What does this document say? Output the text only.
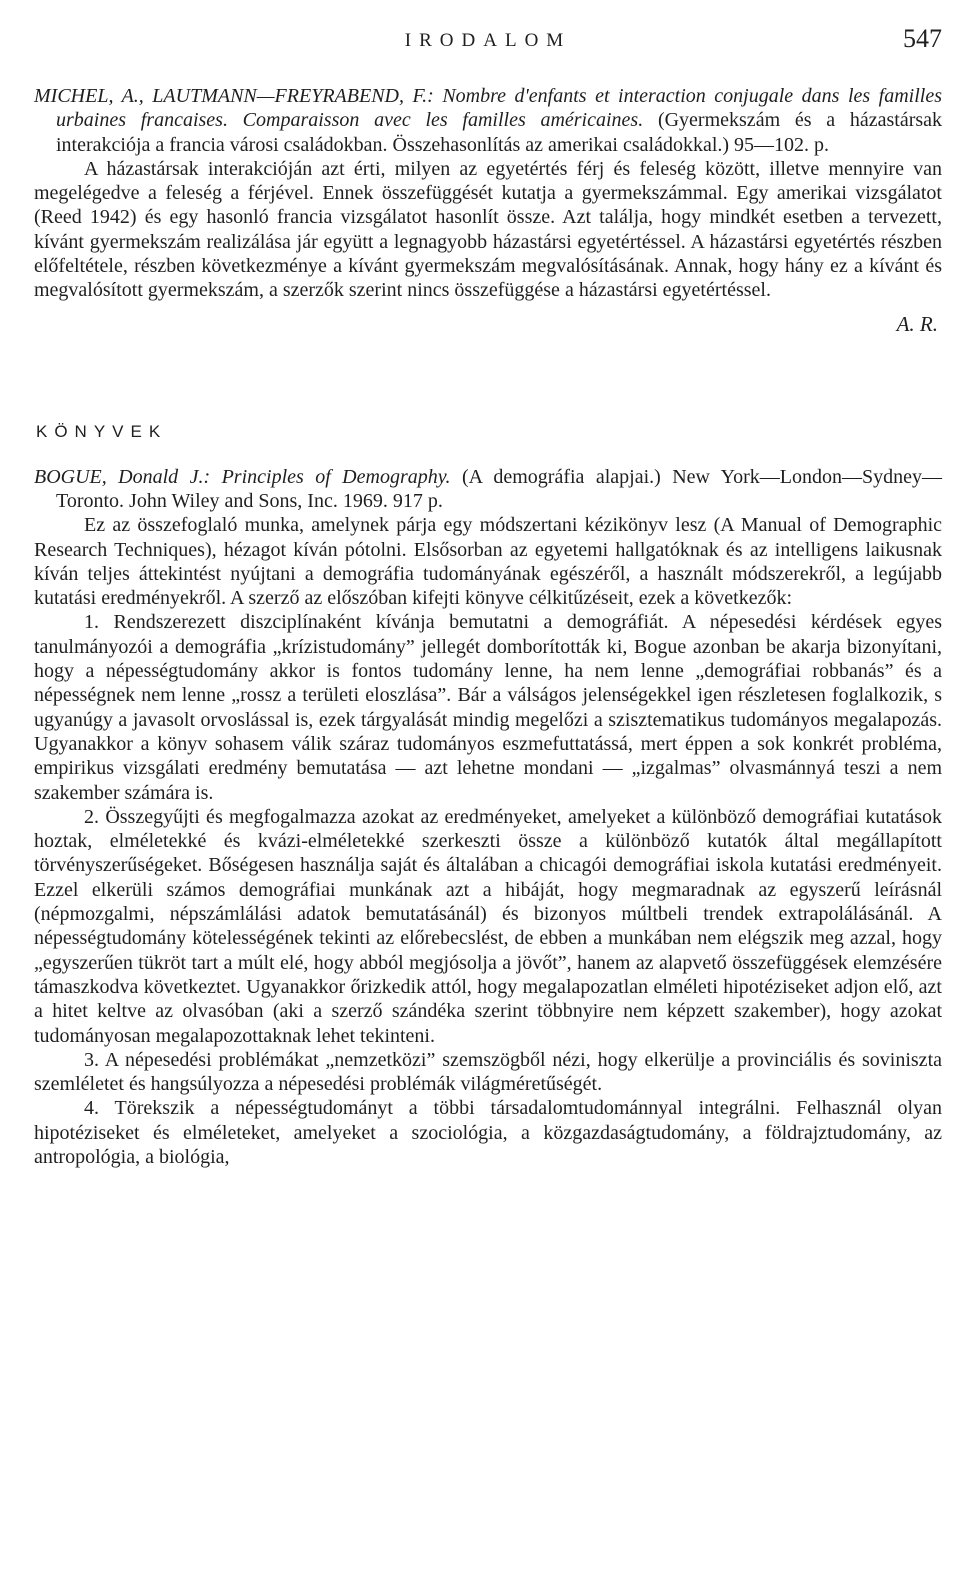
IRODALOM	547

MICHEL, A., LAUTMANN—FREYRABEND, F.: Nombre d'enfants et interaction conjugale dans les familles urbaines francaises. Comparaisson avec les familles américaines. (Gyermekszám és a házastársak interakciója a francia városi családokban. Összehasonlítás az amerikai családokkal.) 95—102. p.

A házastársak interakcióján azt érti, milyen az egyetértés férj és feleség között, illetve mennyire van megelégedve a feleség a férjével. Ennek összefüggését kutatja a gyermekszámmal. Egy amerikai vizsgálatot (Reed 1942) és egy hasonló francia vizsgálatot hasonlít össze. Azt találja, hogy mindkét esetben a tervezett, kívánt gyermekszám realizálása jár együtt a legnagyobb házastársi egyetértéssel. A házastársi egyetértés részben előfeltétele, részben következménye a kívánt gyermekszám megvalósításának. Annak, hogy hány ez a kívánt és megvalósított gyermekszám, a szerzők szerint nincs összefüggése a házastársi egyetértéssel.

A. R.
KÖNYVEK

BOGUE, Donald J.: Principles of Demography. (A demográfia alapjai.) New York—London—Sydney—Toronto. John Wiley and Sons, Inc. 1969. 917 p.

Ez az összefoglaló munka, amelynek párja egy módszertani kézikönyv lesz (A Manual of Demographic Research Techniques), hézagot kíván pótolni. Elsősorban az egyetemi hallgatóknak és az intelligens laikusnak kíván teljes áttekintést nyújtani a demográfia tudományának egészéről, a használt módszerekről, a legújabb kutatási eredményekről. A szerző az előszóban kifejti könyve célkitűzéseit, ezek a következők:

1. Rendszerezett diszciplínaként kívánja bemutatni a demográfiát. A népesedési kérdések egyes tanulmányozói a demográfia „krízistudomány” jellegét domborították ki, Bogue azonban be akarja bizonyítani, hogy a népességtudomány akkor is fontos tudomány lenne, ha nem lenne „demográfiai robbanás” és a népességnek nem lenne „rossz a területi eloszlása”. Bár a válságos jelenségekkel igen részletesen foglalkozik, s ugyanúgy a javasolt orvoslással is, ezek tárgyalását mindig megelőzi a szisztematikus tudományos megalapozás. Ugyanakkor a könyv sohasem válik száraz tudományos eszmefuttatássá, mert éppen a sok konkrét probléma, empirikus vizsgálati eredmény bemutatása — azt lehetne mondani — „izgalmas” olvasmánnyá teszi a nem szakember számára is.

2. Összegyűjti és megfogalmazza azokat az eredményeket, amelyeket a különböző demográfiai kutatások hoztak, elméletekké és kvázi-elméletekké szerkeszti össze a különböző kutatók által megállapított törvényszerűségeket. Bőségesen használja saját és általában a chicagói demográfiai iskola kutatási eredményeit. Ezzel elkerüli számos demográfiai munkának azt a hibáját, hogy megmaradnak az egyszerű leírásnál (népmozgalmi, népszámlálási adatok bemutatásánál) és bizonyos múltbeli trendek extrapolálásánál. A népességtudomány kötelességének tekinti az előrebecslést, de ebben a munkában nem elégszik meg azzal, hogy „egyszerűen tükröt tart a múlt elé, hogy abból megjósolja a jövőt”, hanem az alapvető összefüggések elemzésére támaszkodva következtet. Ugyanakkor őrizkedik attól, hogy megalapozatlan elméleti hipotéziseket adjon elő, azt a hitet keltve az olvasóban (aki a szerző szándéka szerint többnyire nem képzett szakember), hogy azokat tudományosan megalapozottaknak lehet tekinteni.

3. A népesedési problémákat „nemzetközi” szemszögből nézi, hogy elkerülje a provinciális és soviniszta szemléletet és hangsúlyozza a népesedési problémák világméretűségét.

4. Törekszik a népességtudományt a többi társadalomtudománnyal integrálni. Felhasznál olyan hipotéziseket és elméleteket, amelyeket a szociológia, a közgazdaságtudomány, a földrajztudomány, az antropológia, a biológia,
